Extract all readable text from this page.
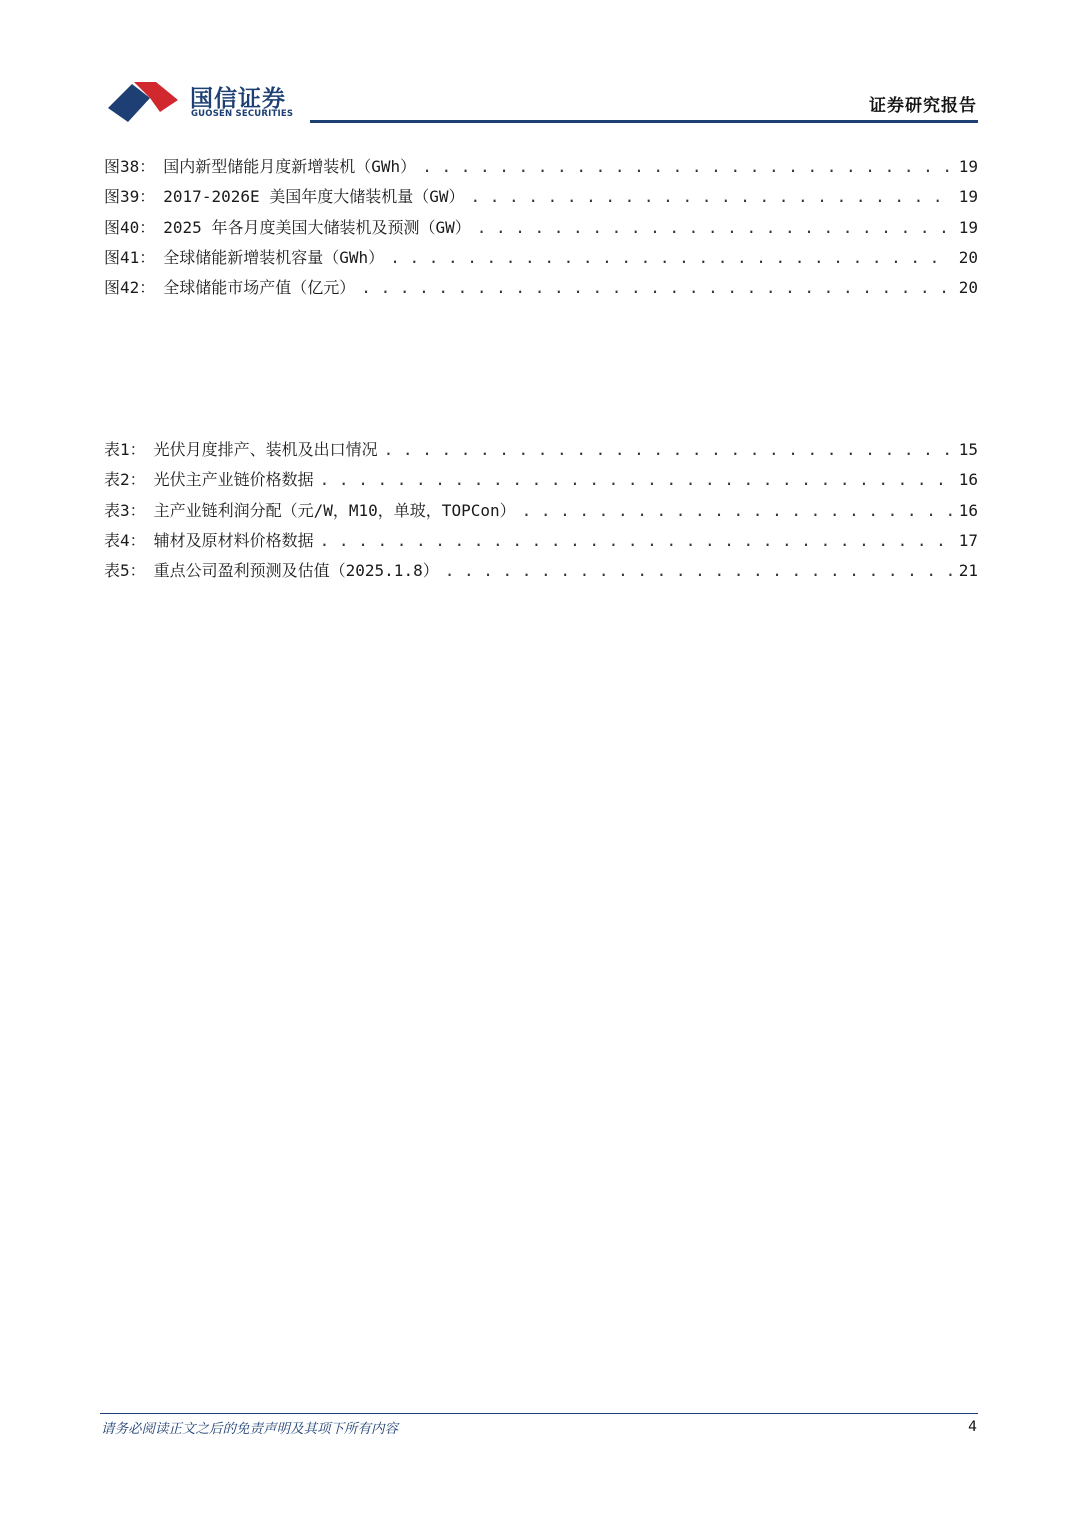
国信证券
GUOSEN SECURITIES	证券研究报告
图38： 国内新型储能月度新增装机（GWh） . . .	19
图39： 2017-2026E 美国年度大储装机量（GW） . . .	19
图40： 2025 年各月度美国大储装机及预测（GW） . . .	19
图41： 全球储能新增装机容量（GWh） . . .	20
图42： 全球储能市场产值（亿元） . . .	20
表1： 光伏月度排产、装机及出口情况 . . .	15
表2： 光伏主产业链价格数据 . . .	16
表3： 主产业链利润分配（元/W，M10，单玻，TOPCon） . . .	16
表4： 辅材及原材料价格数据 . . .	17
表5： 重点公司盈利预测及估值（2025.1.8） . . .	21
请务必阅读正文之后的免责声明及其项下所有内容	4
